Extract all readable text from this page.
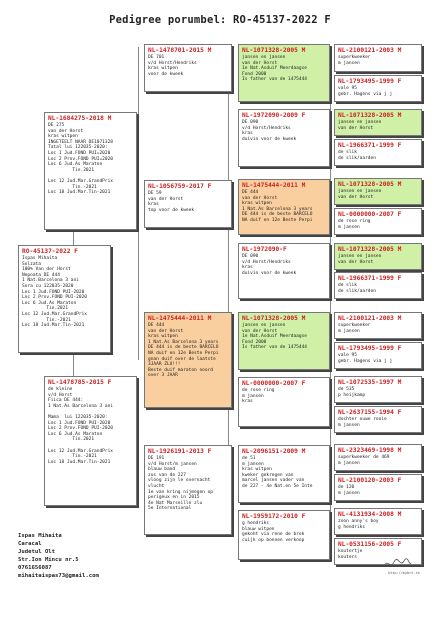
Pedigree porumbel: RO-45137-2022 F
RO-45137-2022 F
Ispas Mihaita
Solzata
100% Van der Horst
Nepoata DE 444
1 Nat.Barcelona 3 ani
Sora cu 122035-2020
Loc 1 Jud.FOND PUI-2020
Loc 2 Prov.FOND PUI-2020
Loc 6 Jud.As Maraton
Tin.2021
Loc 12 Jud.Mar.GrandPrix
Tin.-2021
Loc 18 Jud.Mar.Tin-2021
NL-1684275-2018 M
DE 275
van der Horst
kras witpen
INGETEELT NAAR DE1071328
Tatal lui 122035-2020:
Loc 1 Jud.FOND PUI=2020
Loc 2 Prov.FOND PUI=2020
Loc 6 Jud.As Maraton
Tin.2021

Loc 12 Jud.Mar.GrandPrix
Tin.-2021
Loc 18 Jud.Mar.Tin-2021
NL-1478785-2015 F
de kleine
v/d Horst
Fiica DE 444:
1 Nat.As Barcelona 3 ani

Mama  lui 122035-2020:
Loc 1 Jud.FOND PUI-2020
Loc 2 Prov.FOND PUI-2020
Loc 6 Jud.As Maraton
Tin.2021

Loc 12 Jud.Mar.GrandPrix
Tin.-2021
Loc 18 Jud.Mar.Tin-2021
NL-1478701-2015 M
DE 701
v/d Horst/Hendriks
kras witpen
voor de kweek
NL-1056759-2017 F
DE 59
van der Horst
kras
top voor de kweek
NL-1475444-2011 M
DE 444
van der Horst
kras witpen
1 Nat.As Barcelona 3 years
DE 444 is de beste BARCELO
NA duif en 12e Beste Perpi
gnan duif over de laatste
3JAAR ZLU!!!
Beste duif maraton noord
over 3 JAAR
NL-1926191-2013 F
DE 191
v/d Horst/m jansen
blauw band
zus van de 227
vloog zijn le overnacht
vlucht
1e van kring nijmegen op
perigeux en in 2015
4e Nat Marseille zlu
5e International
NL-1071328-2005 M
jansen en jansen
van der Horst
1e Nat.Asduif Meerdaagse
Fond 2008
Is father van de 1475444
NL-1972090-2009 F
DE 090
v/d Horst/Hendriks
kras
duivin voor de kweek
NL-1475444-2011 M
DE 444
van der Horst
kras witpen
1 Nat.As Barcelona 3 years
DE 444 is de beste BARCELO
NA duif en 12e Beste Perpi
NL-1972090-F
DE 090
v/d Horst/Hendriks
kras
duivin voor de kweek
NL-1071328-2005 M
jansen en jansen
van der Horst
1e Nat.Asduif Meerdaagse
Fond 2008
Is father van de 1475444
NL-0000000-2007 F
de rose ring
m jansen
kras
NL-2096151-2009 M
de 51
m jansen
kras witpen
kweker gekregen van
marcel jansen vader van
de 227 - 4e Nat.en 5e Inte
NL-1959172-2010 F
g hendriks
blauw witpen
gekoht via rene de brok
cuijk op bonnen verkoop
NL-2100121-2003 M
superkweeker
m jansen
NL-1793495-1999 F
vale 95
gebr. Hagens via j j
NL-1071328-2005 M
jansen en jansen
van der Horst
NL-1966371-1999 F
de slik
de slik/aarden
NL-1071328-2005 M
jansen en jansen
van der Horst
NL-0000000-2007 F
de rose ring
m jansen
NL-1071328-2005 M
jansen en jansen
van der Horst
NL-1966371-1999 F
de slik
de slik/aarden
NL-2100121-2003 M
superkweeker
m jansen
NL-1793495-1999 F
vale 95
gebr. Hagens via j j
NL-1072535-1997 M
de 535
p heijkamp
NL-2637155-1994 F
dochter ouwe rooie
m jansen
NL-2323469-1998 M
superkweeker de 469
m jansen
NL-2100120-2003 F
de 120
m jansen
NL-4131934-2008 M
zoon anny's boy
g hendriks
NL-0531156-2005 F
koutertje
kouters
Ispas Mihaita
Caracal
Judetul Olt
Str.Ion Mincu nr.5
0761656087
mihaitaispas73@gmail.com	http://mybrt.ro
